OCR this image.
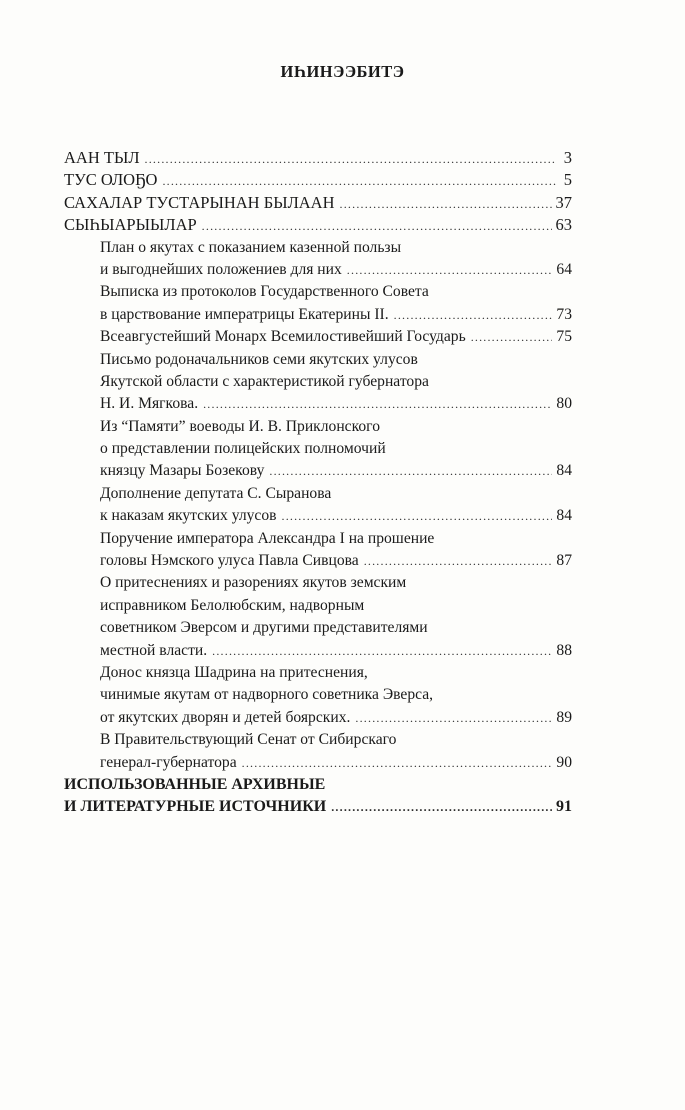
ИҺИНЭЭБИТЭ
ААН ТЫЛ .....	3
ТУС ОЛОҔО .....	5
САХАЛАР ТУСТАРЫНАН БЫЛААН .....	37
СЫҺЫАРЫЫЛАР .....	63
План о якутах с показанием казенной пользы
и выгоднейших положениев для них .....	64
Выписка из протоколов Государственного Совета
в царствование императрицы Екатерины II. .....	73
Всеавгустейший Монарх Всемилостивейший Государь .....	75
Письмо родоначальников семи якутских улусов
Якутской области с характеристикой губернатора
Н. И. Мягкова. .....	80
Из “Памяти” воеводы И. В. Приклонского
о представлении полицейских полномочий
князцу Мазары Бозекову .....	84
Дополнение депутата С. Сыранова
к наказам якутских улусов .....	84
Поручение императора Александра I на прошение
головы Нэмского улуса Павла Сивцова .....	87
О притеснениях и разорениях якутов земским
исправником Белолюбским, надворным
советником Эверсом и другими представителями
местной власти. .....	88
Донос князца Шадрина на притеснения,
чинимые якутам от надворного советника Эверса,
от якутских дворян и детей боярских. .....	89
В Правительствующий Сенат от Сибирскаго
генерал-губернатора .....	90
ИСПОЛЬЗОВАННЫЕ АРХИВНЫЕ
И ЛИТЕРАТУРНЫЕ ИСТОЧНИКИ .....	91
